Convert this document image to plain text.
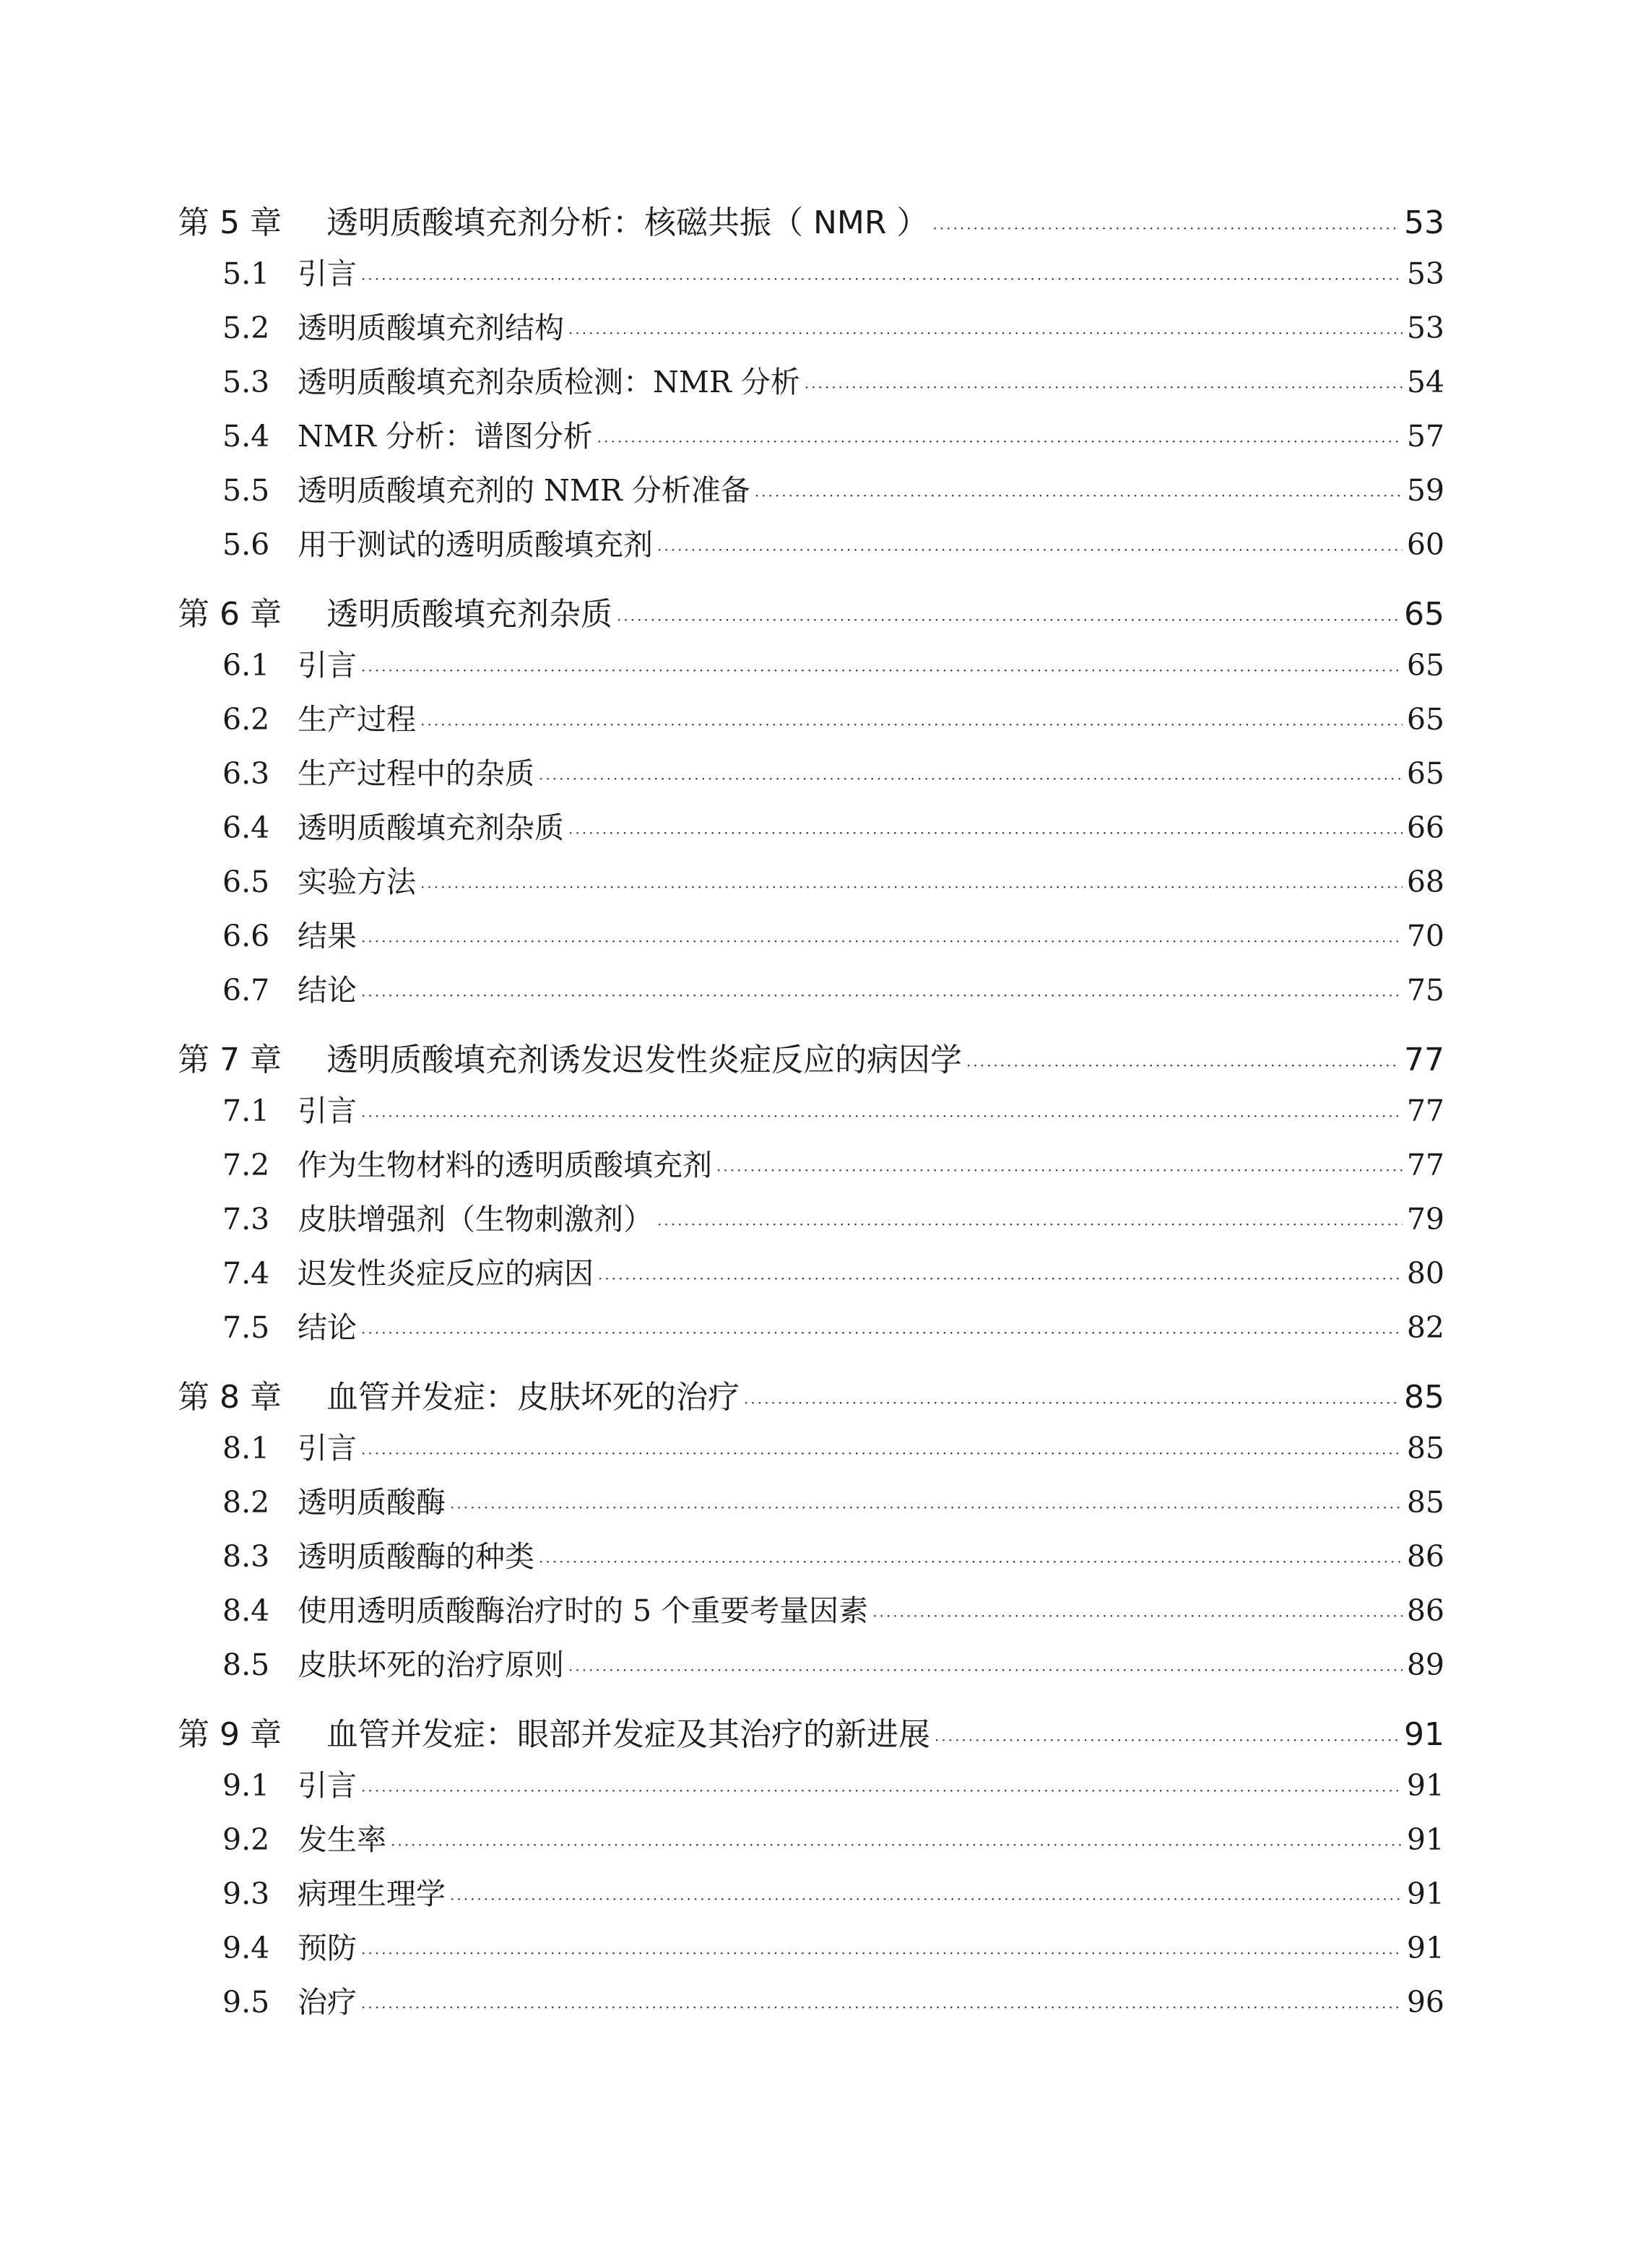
第 5 章	透明质酸填充剂分析：核磁共振（ NMR ） ·····	53
5.1 引言 ·····	53
5.2 透明质酸填充剂结构 ·····	53
5.3 透明质酸填充剂杂质检测：NMR 分析 ·····	54
5.4 NMR 分析：谱图分析 ·····	57
5.5 透明质酸填充剂的 NMR 分析准备 ·····	59
5.6 用于测试的透明质酸填充剂 ·····	60
第 6 章	透明质酸填充剂杂质 ·····	65
6.1 引言 ·····	65
6.2 生产过程 ·····	65
6.3 生产过程中的杂质 ·····	65
6.4 透明质酸填充剂杂质 ·····	66
6.5 实验方法 ·····	68
6.6 结果 ·····	70
6.7 结论 ·····	75
第 7 章	透明质酸填充剂诱发迟发性炎症反应的病因学 ·····	77
7.1 引言 ·····	77
7.2 作为生物材料的透明质酸填充剂 ·····	77
7.3 皮肤增强剂（生物刺激剂） ·····	79
7.4 迟发性炎症反应的病因 ·····	80
7.5 结论 ·····	82
第 8 章	血管并发症：皮肤坏死的治疗 ·····	85
8.1 引言 ·····	85
8.2 透明质酸酶 ·····	85
8.3 透明质酸酶的种类 ·····	86
8.4 使用透明质酸酶治疗时的 5 个重要考量因素 ·····	86
8.5 皮肤坏死的治疗原则 ·····	89
第 9 章	血管并发症：眼部并发症及其治疗的新进展 ·····	91
9.1 引言 ·····	91
9.2 发生率 ·····	91
9.3 病理生理学 ·····	91
9.4 预防 ·····	91
9.5 治疗 ·····	96
